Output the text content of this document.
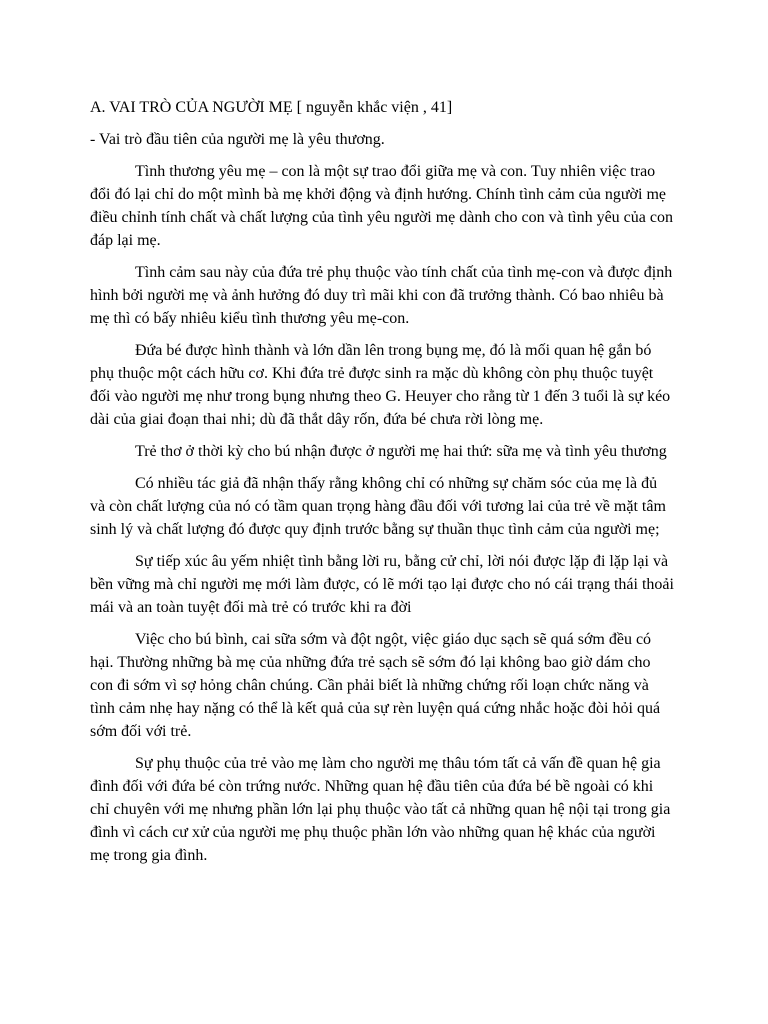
A. VAI TRÒ CỦA NGƯỜI MẸ [ nguyễn khắc viện , 41]

- Vai trò đầu tiên của người mẹ là yêu thương.

Tình thương yêu mẹ – con là một sự trao đổi giữa mẹ và con. Tuy nhiên việc trao đổi đó lại chỉ do một mình bà mẹ khởi động và định hướng. Chính tình cảm của người mẹ điều chỉnh tính chất và chất lượng của tình yêu người mẹ dành cho con và tình yêu của con đáp lại mẹ.

Tình cảm sau này của đứa trẻ phụ thuộc vào tính chất của tình mẹ-con và được định hình bởi người mẹ và ảnh hưởng đó duy trì mãi khi con đã trưởng thành. Có bao nhiêu bà mẹ thì có bấy nhiêu kiểu tình thương yêu mẹ-con.

Đứa bé được hình thành và lớn dần lên trong bụng mẹ, đó là mối quan hệ gắn bó phụ thuộc một cách hữu cơ. Khi đứa trẻ được sinh ra mặc dù không còn phụ thuộc tuyệt đối vào người mẹ như trong bụng nhưng theo G. Heuyer cho rằng từ 1 đến 3 tuổi là sự kéo dài của giai đoạn thai nhi; dù đã thắt dây rốn, đứa bé chưa rời lòng mẹ.

Trẻ thơ ở thời kỳ cho bú nhận được ở người mẹ hai thứ: sữa mẹ và tình yêu thương

Có nhiều tác giả đã nhận thấy rằng không chỉ có những sự chăm sóc của mẹ là đủ và còn chất lượng của nó có tầm quan trọng hàng đầu đối với tương lai của trẻ về mặt tâm sinh lý và chất lượng đó được quy định trước bằng sự thuần thục tình cảm của người mẹ;

Sự tiếp xúc âu yếm nhiệt tình bằng lời ru, bằng cử chỉ, lời nói được lặp đi lặp lại và bền vững mà chỉ người mẹ mới làm được, có lẽ mới tạo lại được cho nó cái trạng thái thoải mái và an toàn tuyệt đối mà trẻ có trước khi ra đời

Việc cho bú bình, cai sữa sớm và đột ngột, việc giáo dục sạch sẽ quá sớm đều có hại. Thường những bà mẹ của những đứa trẻ sạch sẽ sớm đó lại không bao giờ dám cho con đi sớm vì sợ hỏng chân chúng. Cần phải biết là những chứng rối loạn chức năng và tình cảm nhẹ hay nặng có thể là kết quả của sự rèn luyện quá cứng nhắc hoặc đòi hỏi quá sớm đối với trẻ.

Sự phụ thuộc của trẻ vào mẹ làm cho người mẹ thâu tóm tất cả vấn đề quan hệ gia đình đối với đứa bé còn trứng nước. Những quan hệ đầu tiên của đứa bé bề ngoài có khi chỉ chuyên với mẹ nhưng phần lớn lại phụ thuộc vào tất cả những quan hệ nội tại trong gia đình vì cách cư xử của người mẹ phụ thuộc phần lớn vào những quan hệ khác của người mẹ trong gia đình.
